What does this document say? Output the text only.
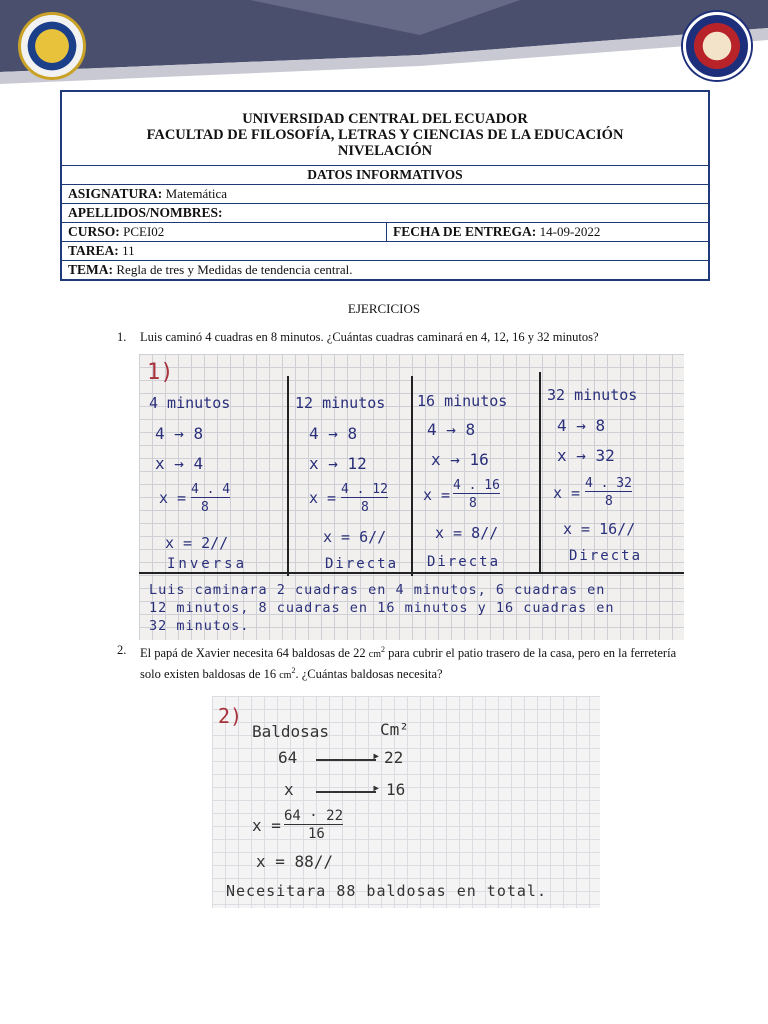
UNIVERSIDAD CENTRAL DEL ECUADOR
FACULTAD DE FILOSOFÍA, LETRAS Y CIENCIAS DE LA EDUCACIÓN
NIVELACIÓN
DATOS INFORMATIVOS
ASIGNATURA: Matemática
APELLIDOS/NOMBRES:
CURSO: PCEI02	FECHA DE ENTREGA: 14-09-2022
TAREA: 11
TEMA: Regla de tres y Medidas de tendencia central.
EJERCICIOS
1. Luis caminó 4 cuadras en 8 minutos. ¿Cuántas cuadras caminará en 4, 12, 16 y 32 minutos?
1)
4 minutos
4 → 8
x → 4
x = 4 . 4
8
x = 2//
Inversa
12 minutos
4 → 8
x → 12
x = 4 . 12
8
x = 6//
Directa
16 minutos
4 → 8
x → 16
x =
4 . 16
8
x = 8//
Directa
32 minutos
4 → 8
x → 32
x =
4 . 32
8
x = 16//
Directa
Luis caminara 2 cuadras en 4 minutos, 6 cuadras en
12 minutos, 8 cuadras en 16 minutos y 16 cuadras en
32 minutos.
2. El papá de Xavier necesita 64 baldosas de 22 $cm^2$ para cubrir el patio trasero de la casa, pero en la ferretería solo existen baldosas de 16 $cm^2$. ¿Cuántas baldosas necesita?
2)
Baldosas	Cm²
64	▸ 22
x	▸ 16
x = 64 · 22
16
x = 88//
Necesitara 88 baldosas en total.
